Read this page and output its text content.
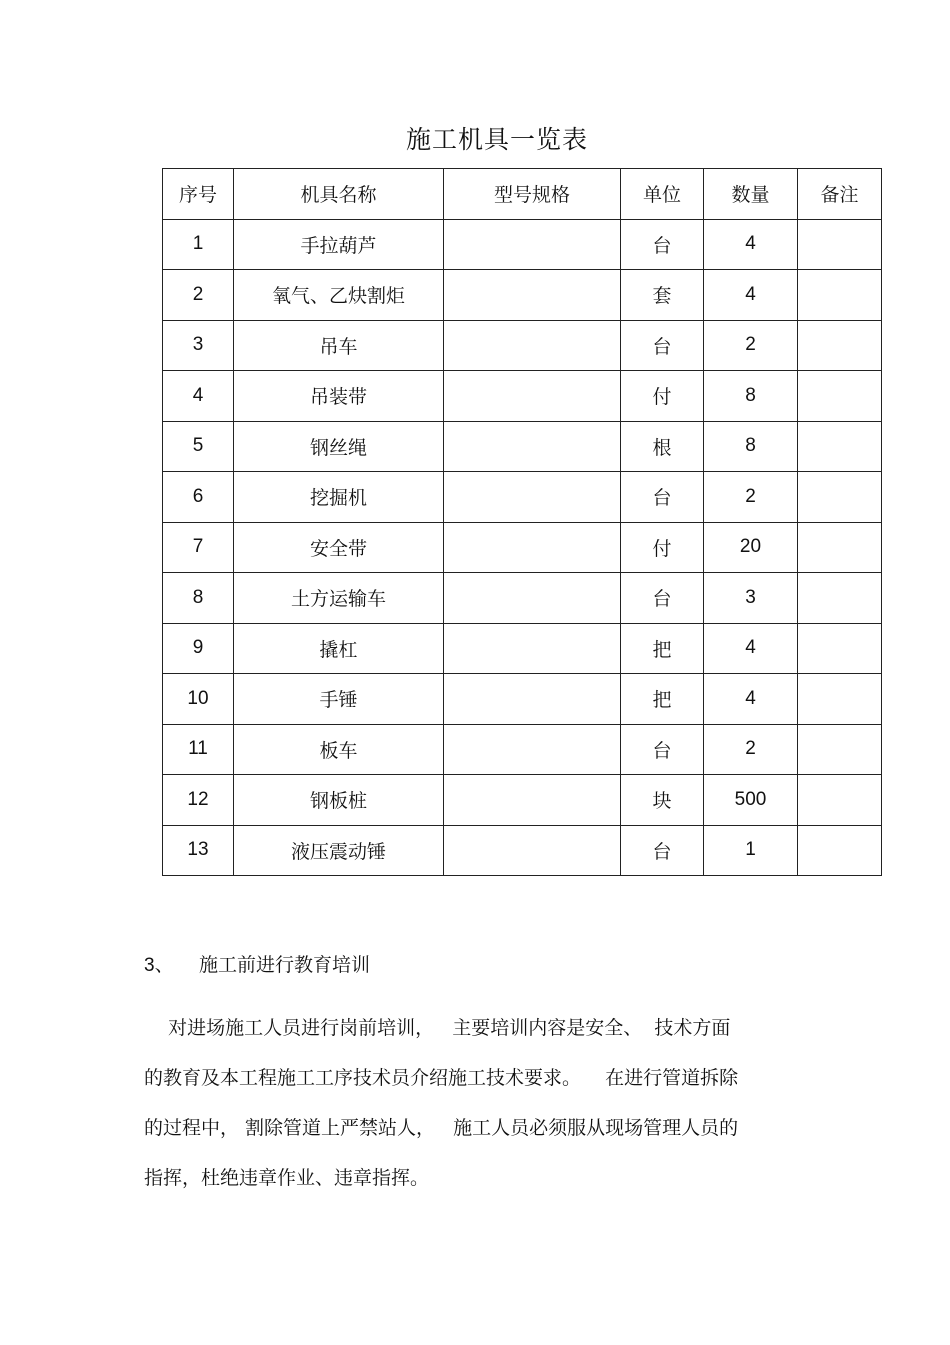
施工机具一览表
序号	机具名称	型号规格	单位	数量	备注
1	手拉葫芦		台	4	
2	氧气、乙炔割炬		套	4	
3	吊车		台	2	
4	吊装带		付	8	
5	钢丝绳		根	8	
6	挖掘机		台	2	
7	安全带		付	20	
8	土方运输车		台	3	
9	撬杠		把	4	
10	手锤		把	4	
11	板车		台	2	
12	钢板桩		块	500	
13	液压震动锤		台	1	
3、 施工前进行教育培训
对进场施工人员进行岗前培训，   主要培训内容是安全、  技术方面
的教育及本工程施工工序技术员介绍施工技术要求。    在进行管道拆除
的过程中， 割除管道上严禁站人，   施工人员必须服从现场管理人员的
指挥，杜绝违章作业、违章指挥。
